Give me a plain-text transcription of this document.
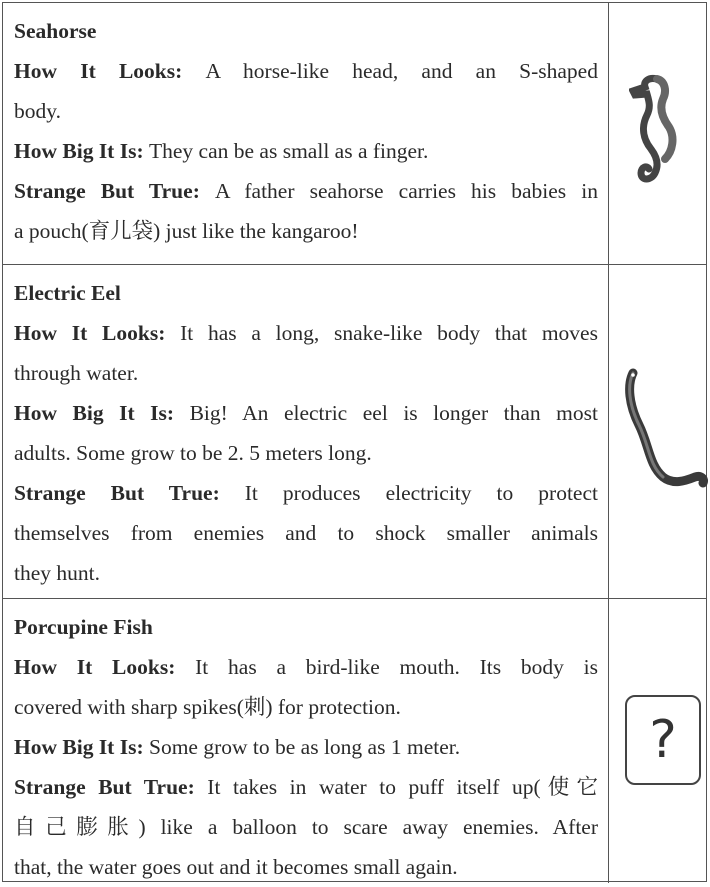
Seahorse
How It Looks: A horse-like head, and an S-shaped
body.
How Big It Is: They can be as small as a finger.
Strange But True: A father seahorse carries his babies in
a pouch(育儿袋) just like the kangaroo!
Electric Eel
How It Looks: It has a long, snake-like body that moves
through water.
How Big It Is: Big! An electric eel is longer than most
adults. Some grow to be 2. 5 meters long.
Strange But True: It produces electricity to protect
themselves from enemies and to shock smaller animals
they hunt.
Porcupine Fish
How It Looks: It has a bird-like mouth. Its body is
covered with sharp spikes(刺) for protection.
How Big It Is: Some grow to be as long as 1 meter.
Strange But True: It takes in water to puff itself up(使它
自己膨胀) like a balloon to scare away enemies. After
that, the water goes out and it becomes small again.
?
